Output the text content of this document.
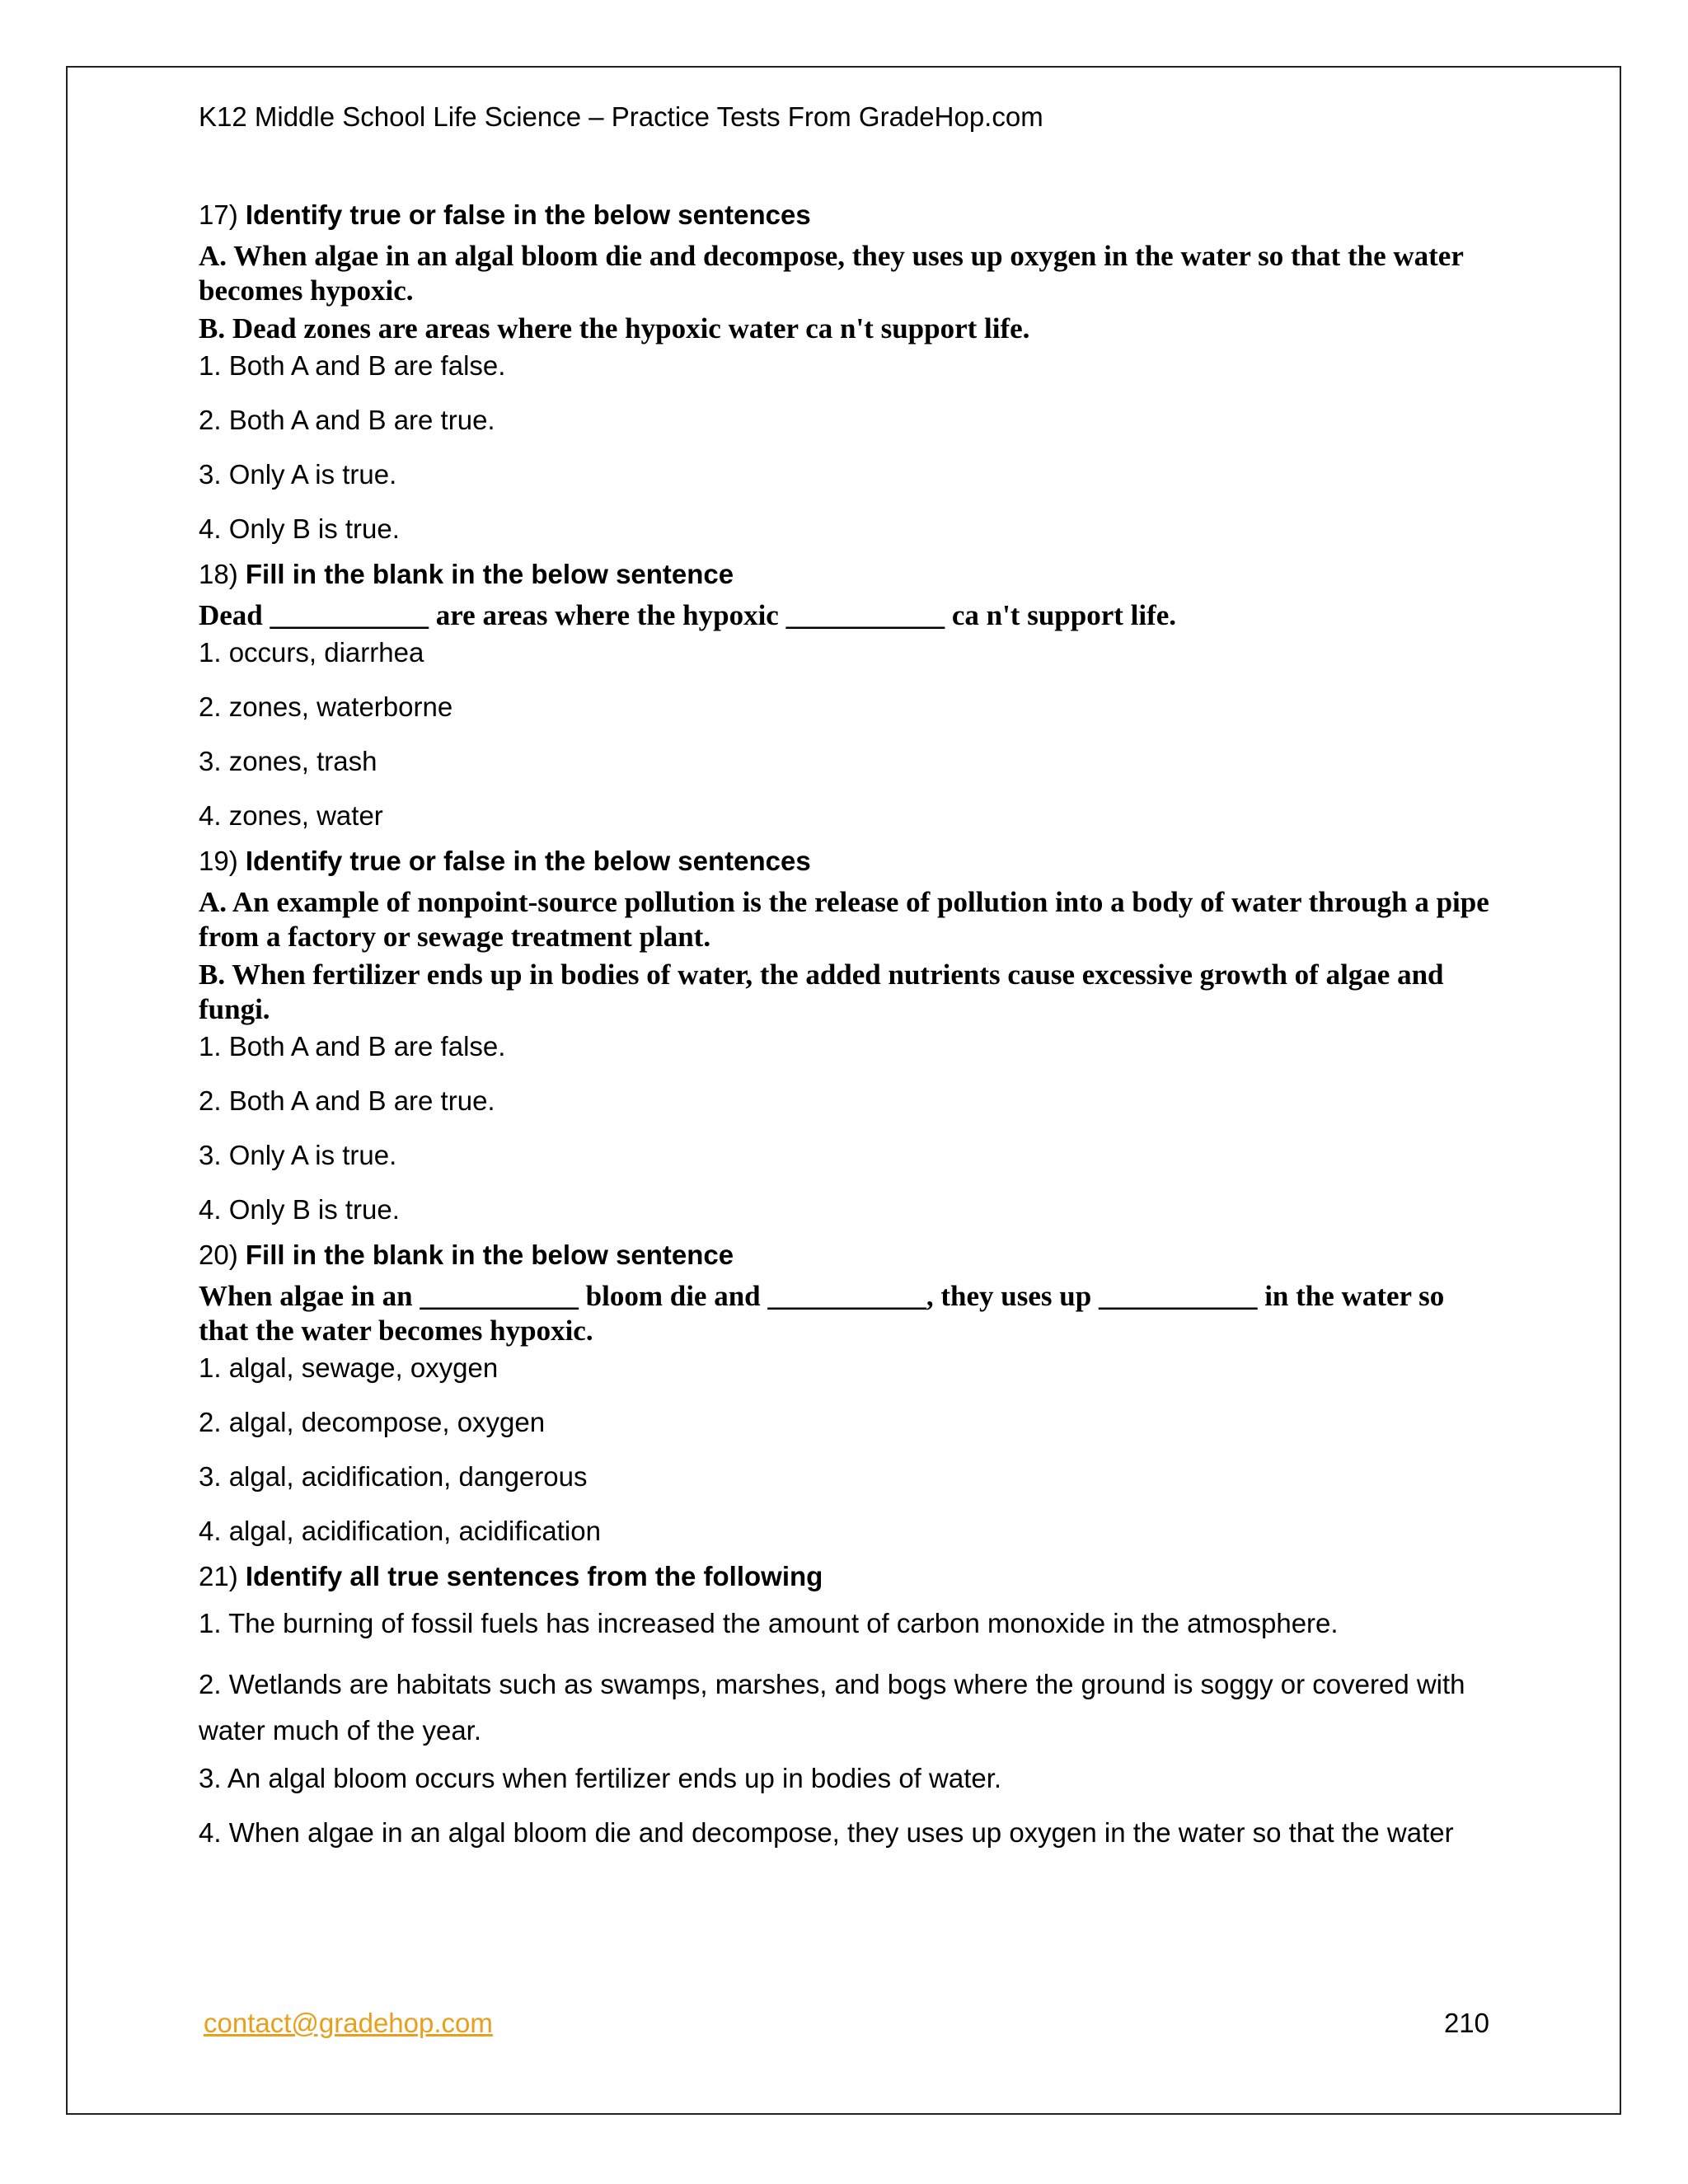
K12 Middle School Life Science – Practice Tests From GradeHop.com

17) Identify true or false in the below sentences

A. When algae in an algal bloom die and decompose, they uses up oxygen in the water so that the water becomes hypoxic.
B. Dead zones are areas where the hypoxic water ca n't support life.
1. Both A and B are false.
2. Both A and B are true.
3. Only A is true.
4. Only B is true.

18) Fill in the blank in the below sentence

Dead ___________ are areas where the hypoxic ___________ ca n't support life.
1. occurs, diarrhea
2. zones, waterborne
3. zones, trash
4. zones, water

19) Identify true or false in the below sentences

A. An example of nonpoint-source pollution is the release of pollution into a body of water through a pipe from a factory or sewage treatment plant.
B. When fertilizer ends up in bodies of water, the added nutrients cause excessive growth of algae and fungi.
1. Both A and B are false.
2. Both A and B are true.
3. Only A is true.
4. Only B is true.

20) Fill in the blank in the below sentence

When algae in an ___________ bloom die and ___________, they uses up ___________ in the water so that the water becomes hypoxic.
1. algal, sewage, oxygen
2. algal, decompose, oxygen
3. algal, acidification, dangerous
4. algal, acidification, acidification

21) Identify all true sentences from the following

1. The burning of fossil fuels has increased the amount of carbon monoxide in the atmosphere.
2. Wetlands are habitats such as swamps, marshes, and bogs where the ground is soggy or covered with water much of the year.
3. An algal bloom occurs when fertilizer ends up in bodies of water.
4. When algae in an algal bloom die and decompose, they uses up oxygen in the water so that the water
contact@gradehop.com	210
